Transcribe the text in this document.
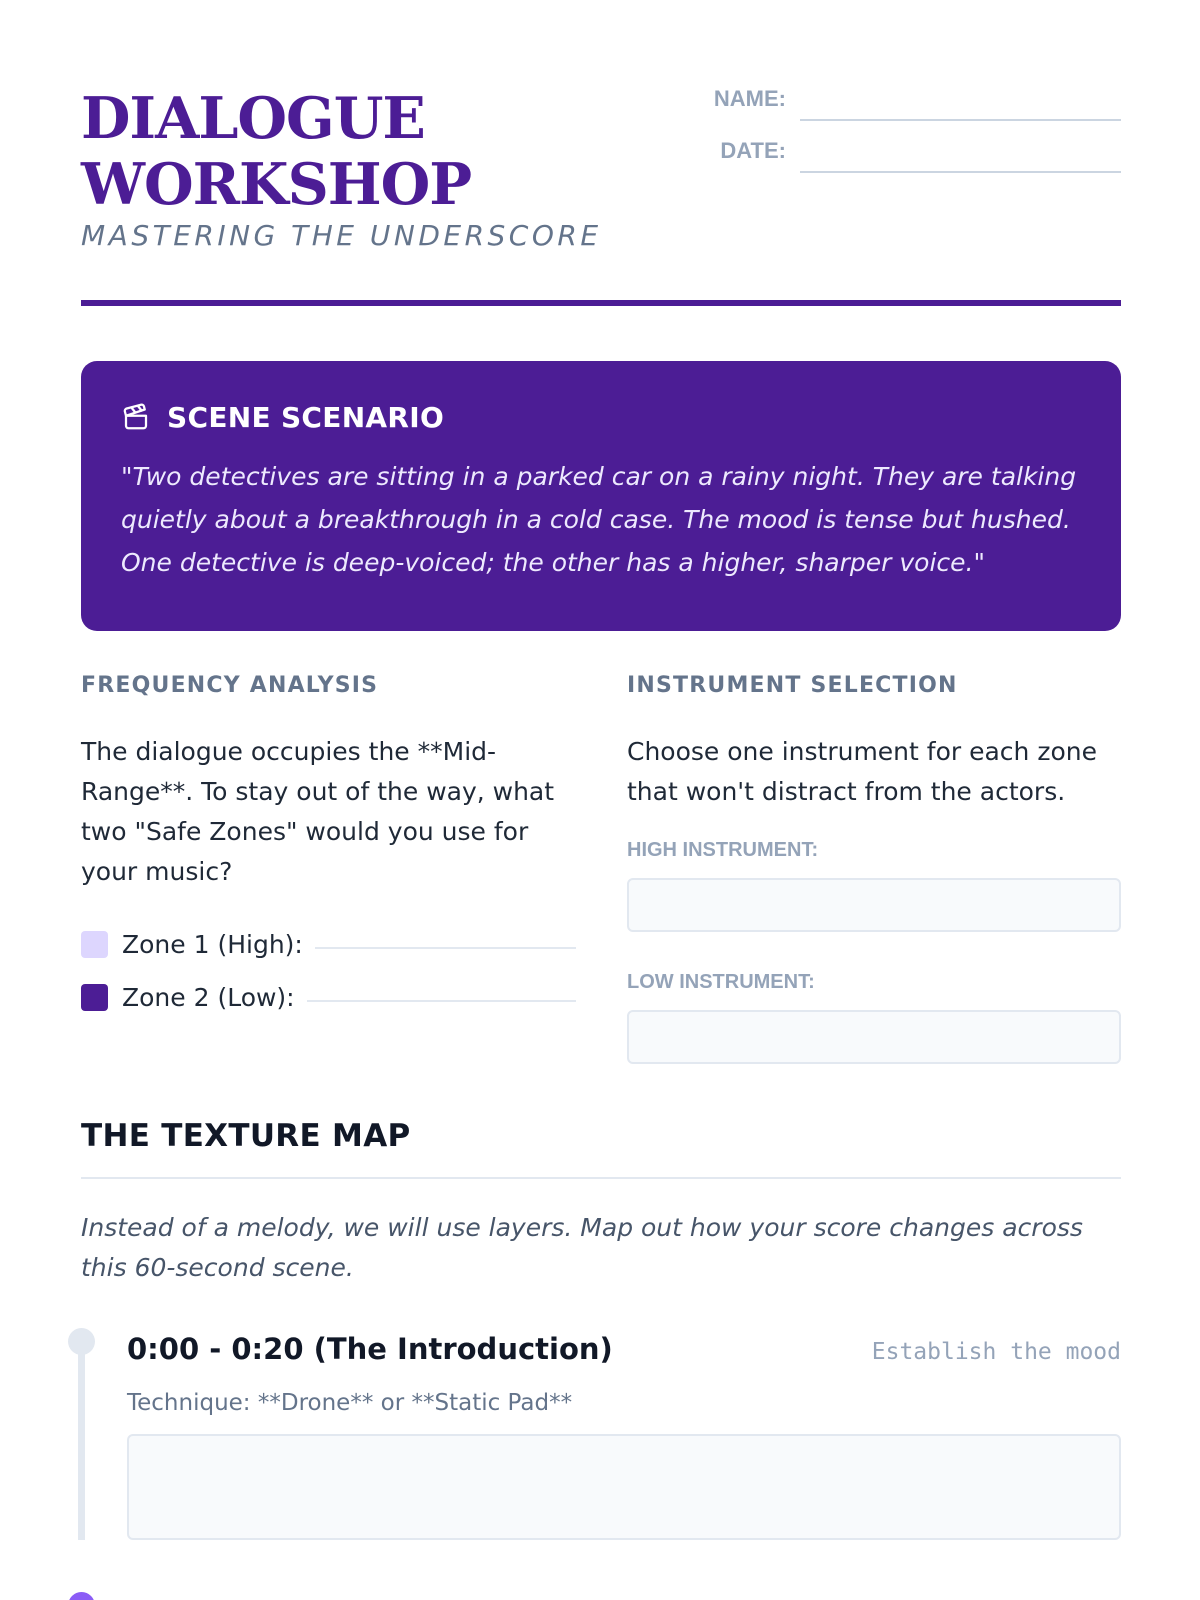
DIALOGUE
WORKSHOP
MASTERING THE UNDERSCORE
NAME:
DATE:
SCENE SCENARIO
"Two detectives are sitting in a parked car on a rainy night. They are talking quietly about a breakthrough in a cold case. The mood is tense but hushed. One detective is deep-voiced; the other has a higher, sharper voice."
FREQUENCY ANALYSIS
The dialogue occupies the **Mid-Range**. To stay out of the way, what two "Safe Zones" would you use for your music?
Zone 1 (High):
Zone 2 (Low):
INSTRUMENT SELECTION
Choose one instrument for each zone that won't distract from the actors.
HIGH INSTRUMENT:
LOW INSTRUMENT:
THE TEXTURE MAP
Instead of a melody, we will use layers. Map out how your score changes across this 60-second scene.
0:00 - 0:20 (The Introduction)	Establish the mood
Technique: **Drone** or **Static Pad**
